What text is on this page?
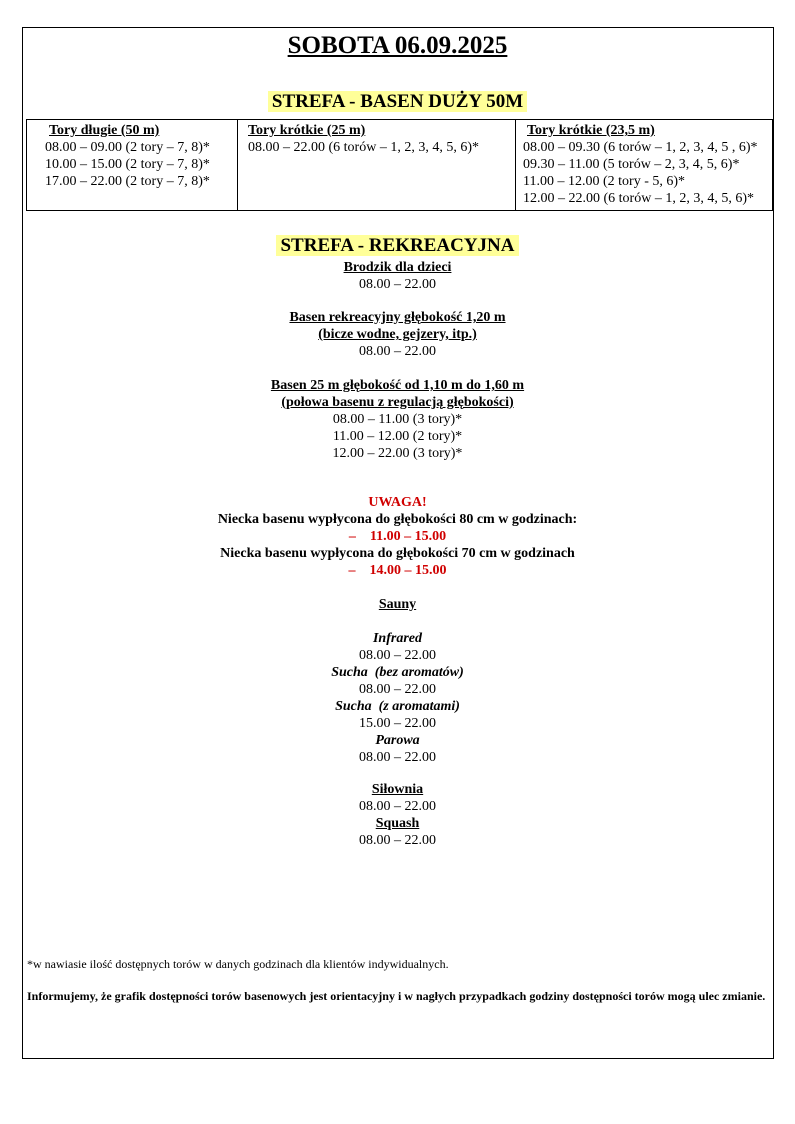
SOBOTA 06.09.2025
STREFA - BASEN DUŻY 50M
Tory długie (50 m)
08.00 – 09.00 (2 tory – 7, 8)*
10.00 – 15.00 (2 tory – 7, 8)*
17.00 – 22.00 (2 tory – 7, 8)*

Tory krótkie (25 m)
08.00 – 22.00 (6 torów – 1, 2, 3, 4, 5, 6)*

Tory krótkie (23,5 m)
08.00 – 09.30 (6 torów – 1, 2, 3, 4, 5 , 6)*
09.30 – 11.00 (5 torów – 2, 3, 4, 5, 6)*
11.00 – 12.00 (2 tory - 5, 6)*
12.00 – 22.00 (6 torów – 1, 2, 3, 4, 5, 6)*
STREFA - REKREACYJNA
Brodzik dla dzieci
08.00 – 22.00
Basen rekreacyjny głębokość 1,20 m
(bicze wodne, gejzery, itp.)
08.00 – 22.00
Basen 25 m głębokość od 1,10 m do 1,60 m
(połowa basenu z regulacją głębokości)
08.00 – 11.00 (3 tory)*
11.00 – 12.00 (2 tory)*
12.00 – 22.00 (3 tory)*
UWAGA!
Niecka basenu wypłycona do głębokości 80 cm w godzinach:
–    11.00 – 15.00
Niecka basenu wypłycona do głębokości 70 cm w godzinach
–    14.00 – 15.00
Sauny
Infrared
08.00 – 22.00
Sucha  (bez aromatów)
08.00 – 22.00
Sucha  (z aromatami)
15.00 – 22.00
Parowa
08.00 – 22.00
Siłownia
08.00 – 22.00
Squash
08.00 – 22.00
*w nawiasie ilość dostępnych torów w danych godzinach dla klientów indywidualnych.
Informujemy, że grafik dostępności torów basenowych jest orientacyjny i w nagłych przypadkach godziny dostępności torów mogą ulec zmianie.
